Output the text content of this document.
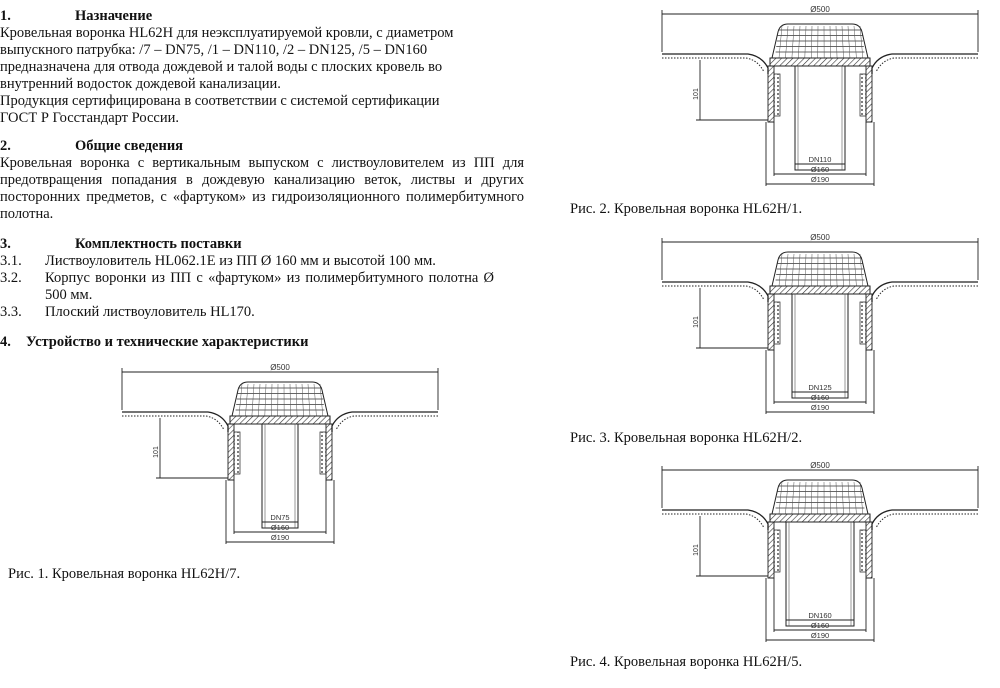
1.	Назначение
Кровельная воронка HL62H для неэксплуатируемой кровли, с диаметром
выпускного патрубка: /7 – DN75, /1 – DN110, /2 – DN125, /5 – DN160
предназначена для отвода дождевой и талой воды с плоских кровель во
внутренний водосток дождевой канализации.
Продукция сертифицирована в соответствии с системой сертификации
ГОСТ Р Госстандарт России.
2.	Общие сведения
Кровельная воронка с вертикальным выпуском с листвоуловителем из ПП для предотвращения попадания в дождевую канализацию веток, листвы и других посторонних предметов, с «фартуком» из гидроизоляционного полимербитумного полотна.
3.	Комплектность поставки
3.1.	Листвоуловитель HL062.1E из ПП Ø 160 мм и высотой 100 мм.
3.2.	Корпус воронки из ПП с «фартуком» из полимербитумного полотна Ø 500 мм.
3.3.	Плоский листвоуловитель HL170.
4.	Устройство и технические характеристики
Ø500
101
DN75
Ø160
Ø190
Ø500
101
DN110
Ø160
Ø190
Ø500
101
DN125
Ø160
Ø190
Ø500
101
DN160
Ø160
Ø190
Рис. 1. Кровельная воронка HL62H/7.
Рис. 2. Кровельная воронка HL62H/1.
Рис. 3. Кровельная воронка HL62H/2.
Рис. 4. Кровельная воронка HL62H/5.
